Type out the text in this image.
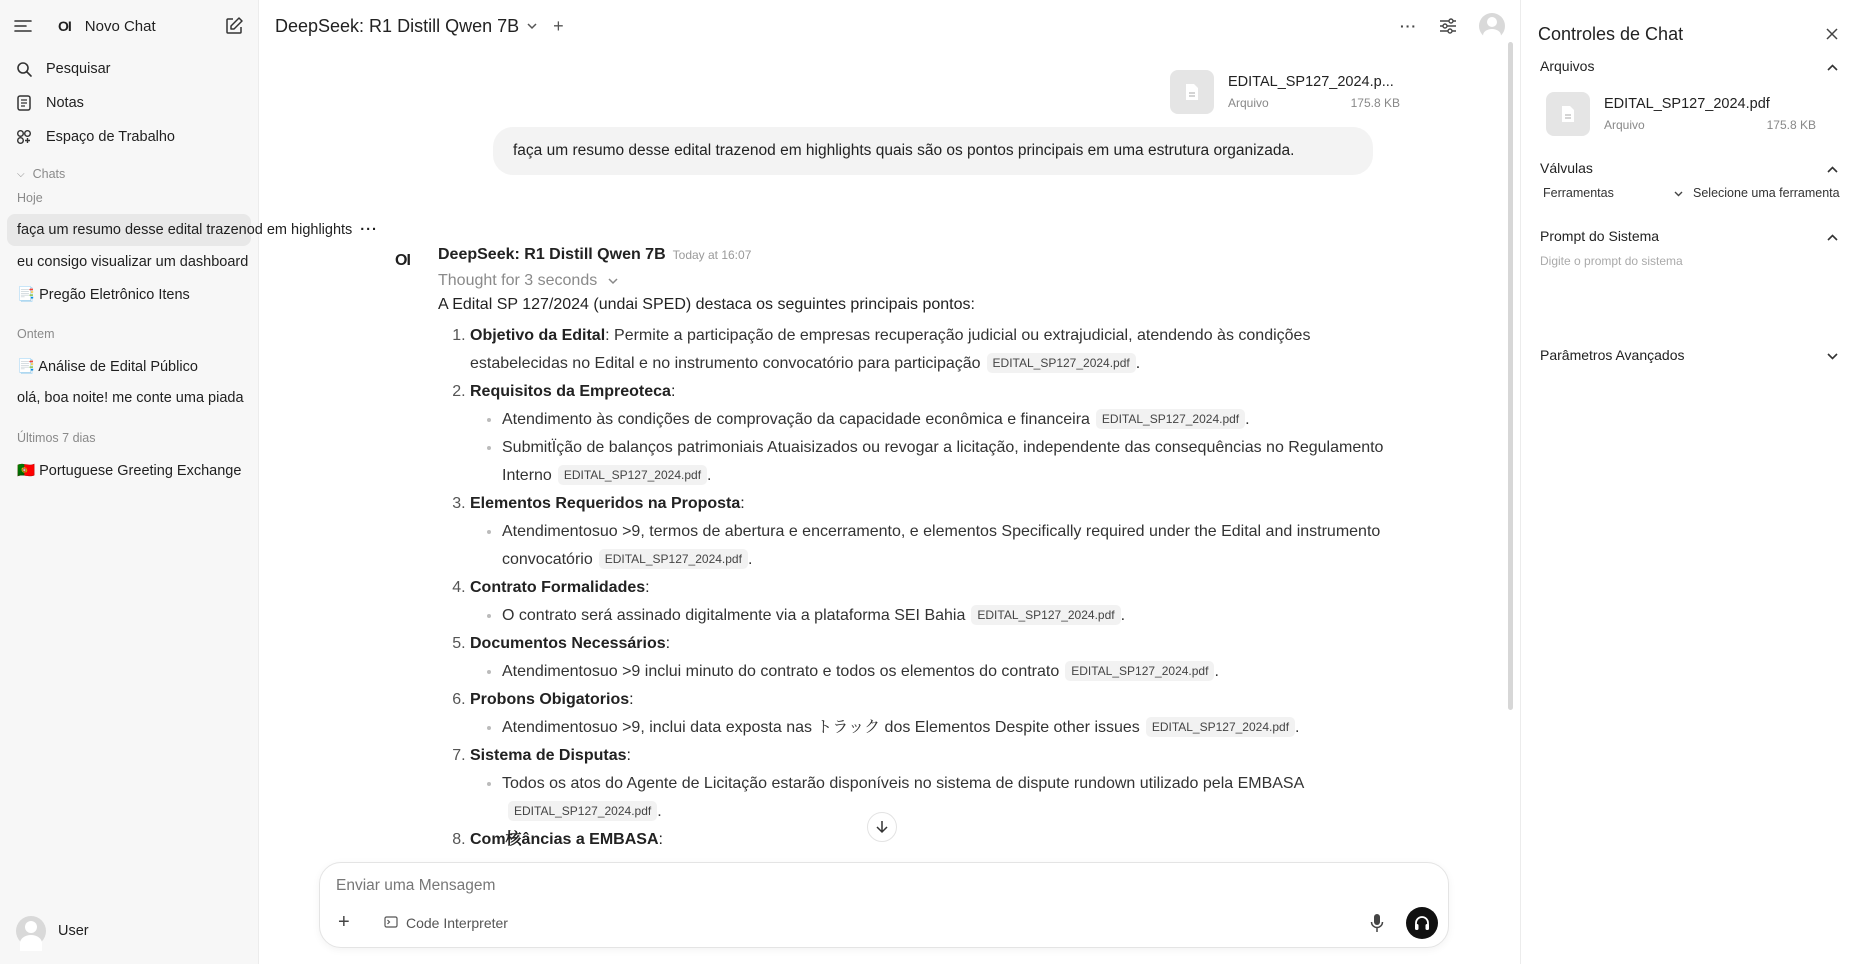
OI Novo Chat
Pesquisar
Notas
Espaço de Trabalho
⌵ Chats
Hoje
faça um resumo desse edital trazenod em highlights ···
eu consigo visualizar um dashboard
📑 Pregão Eletrônico Itens
Ontem
📑 Análise de Edital Público
olá, boa noite! me conte uma piada
Últimos 7 dias
🇵🇹 Portuguese Greeting Exchange
User
DeepSeek: R1 Distill Qwen 7B +	···
EDITAL_SP127_2024.p...
Arquivo	175.8 KB
faça um resumo desse edital trazenod em highlights quais são os pontos principais em uma estrutura organizada.
OI DeepSeek: R1 Distill Qwen 7B Today at 16:07
Thought for 3 seconds
A Edital SP 127/2024 (undai SPED) destaca os seguintes principais pontos:
1. Objetivo da Edital: Permite a participação de empresas recuperação judicial ou extrajudicial, atendendo às condições estabelecidas no Edital e no instrumento convocatório para participação EDITAL_SP127_2024.pdf .
2. Requisitos da Empreoteca:
• Atendimento às condições de comprovação da capacidade econômica e financeira EDITAL_SP127_2024.pdf .
• SubmitÏção de balanços patrimoniais Atuaisizados ou revogar a licitação, independente das consequências no Regulamento Interno EDITAL_SP127_2024.pdf .
3. Elementos Requeridos na Proposta:
• Atendimentosuo >9, termos de abertura e encerramento, e elementos Specifically required under the Edital and instrumento convocatório EDITAL_SP127_2024.pdf .
4. Contrato Formalidades:
• O contrato será assinado digitalmente via a plataforma SEI Bahia EDITAL_SP127_2024.pdf .
5. Documentos Necessários:
• Atendimentosuo >9 inclui minuto do contrato e todos os elementos do contrato EDITAL_SP127_2024.pdf .
6. Probons Obigatorios:
• Atendimentosuo >9, inclui data exposta nas トラック dos Elementos Despite other issues EDITAL_SP127_2024.pdf .
7. Sistema de Disputas:
• Todos os atos do Agente de Licitação estarão disponíveis no sistema de dispute rundown utilizado pela EMBASAEDITAL_SP127_2024.pdf .
8. Com核âncias a EMBASA:
Enviar uma Mensagem
+	Code Interpreter
Controles de Chat
Arquivos
EDITAL_SP127_2024.pdf
Arquivo	175.8 KB
Válvulas
Ferramentas	Selecione uma ferramenta
Prompt do Sistema
Digite o prompt do sistema
Parâmetros Avançados
